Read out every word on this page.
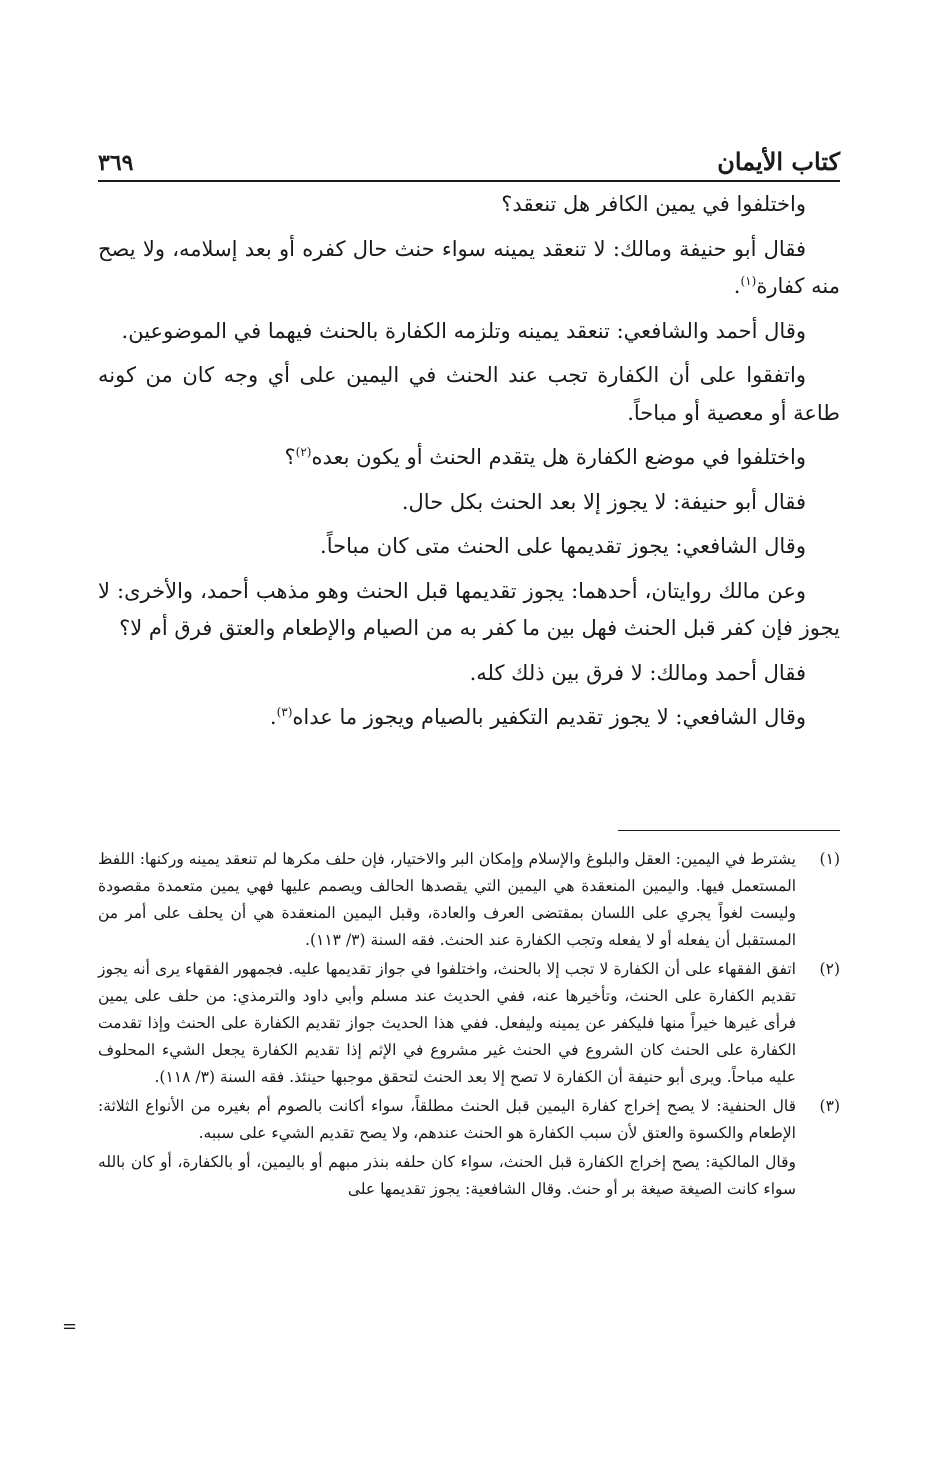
٣٦٩	كتاب الأيمان

واختلفوا في يمين الكافر هل تنعقد؟

فقال أبو حنيفة ومالك: لا تنعقد يمينه سواء حنث حال كفره أو بعد إسلامه، ولا يصح منه كفارة$^{(١)}$.

وقال أحمد والشافعي: تنعقد يمينه وتلزمه الكفارة بالحنث فيهما في الموضوعين.

واتفقوا على أن الكفارة تجب عند الحنث في اليمين على أي وجه كان من كونه طاعة أو معصية أو مباحاً.

واختلفوا في موضع الكفارة هل يتقدم الحنث أو يكون بعده$^{(٢)}$؟

فقال أبو حنيفة: لا يجوز إلا بعد الحنث بكل حال.

وقال الشافعي: يجوز تقديمها على الحنث متى كان مباحاً.

وعن مالك روايتان، أحدهما: يجوز تقديمها قبل الحنث وهو مذهب أحمد، والأخرى: لا يجوز فإن كفر قبل الحنث فهل بين ما كفر به من الصيام والإطعام والعتق فرق أم لا؟

فقال أحمد ومالك: لا فرق بين ذلك كله.

وقال الشافعي: لا يجوز تقديم التكفير بالصيام ويجوز ما عداه$^{(٣)}$.

(١)
يشترط في اليمين: العقل والبلوغ والإسلام وإمكان البر والاختيار، فإن حلف مكرها لم تنعقد يمينه وركنها: اللفظ المستعمل فيها. واليمين المنعقدة هي اليمين التي يقصدها الحالف ويصمم عليها فهي يمين متعمدة مقصودة وليست لغواً يجري على اللسان بمقتضى العرف والعادة، وقبل اليمين المنعقدة هي أن يحلف على أمر من المستقبل أن يفعله أو لا يفعله وتجب الكفارة عند الحنث. فقه السنة (٣/ ١١٣).
(٢)
اتفق الفقهاء على أن الكفارة لا تجب إلا بالحنث، واختلفوا في جواز تقديمها عليه. فجمهور الفقهاء يرى أنه يجوز تقديم الكفارة على الحنث، وتأخيرها عنه، ففي الحديث عند مسلم وأبي داود والترمذي: من حلف على يمين فرأى غيرها خيراً منها فليكفر عن يمينه وليفعل. ففي هذا الحديث جواز تقديم الكفارة على الحنث وإذا تقدمت الكفارة على الحنث كان الشروع في الحنث غير مشروع في الإثم إذا تقديم الكفارة يجعل الشيء المحلوف عليه مباحاً. ويرى أبو حنيفة أن الكفارة لا تصح إلا بعد الحنث لتحقق موجبها حينئذ. فقه السنة (٣/ ١١٨).
(٣)
قال الحنفية: لا يصح إخراج كفارة اليمين قبل الحنث مطلقاً، سواء أكانت بالصوم أم بغيره من الأنواع الثلاثة: الإطعام والكسوة والعتق لأن سبب الكفارة هو الحنث عندهم، ولا يصح تقديم الشيء على سببه.
وقال المالكية: يصح إخراج الكفارة قبل الحنث، سواء كان حلفه بنذر مبهم أو باليمين، أو بالكفارة، أو كان بالله سواء كانت الصيغة صيغة بر أو حنث. وقال الشافعية: يجوز تقديمها على
=
